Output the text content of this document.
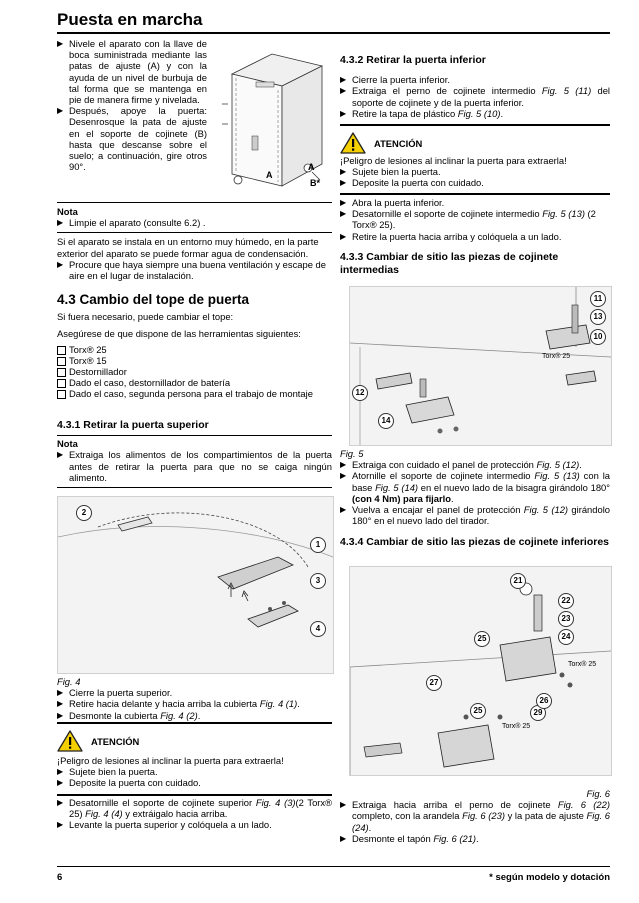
Puesta en marcha

▶ Nivele el aparato con la llave de boca suministrada mediante las patas de ajuste (A) y con la ayuda de un nivel de burbuja de tal forma que se mantenga en pie de manera firme y nivelada.

▶ Después, apoye la puerta: Desenrosque la pata de ajuste en el soporte de cojinete (B) hasta que descanse sobre el suelo; a continuación, gire otros 90°.

A
A
B*

Nota

▶ Limpie el aparato (consulte 6.2) .

Si el aparato se instala en un entorno muy húmedo, en la parte exterior del aparato se puede formar agua de condensación.

▶ Procure que haya siempre una buena ventilación y escape de aire en el lugar de instalación.

4.3 Cambio del tope de puerta

Si fuera necesario, puede cambiar el tope:

Asegúrese de que dispone de las herramientas siguientes:

Torx® 25

Torx® 15

Destornillador

Dado el caso, destornillador de batería

Dado el caso, segunda persona para el trabajo de montaje

4.3.1 Retirar la puerta superior

Nota

▶ Extraiga los alimentos de los compartimientos de la puerta antes de retirar la puerta para que no se caiga ningún alimento.

1
2
3
4

Fig. 4

▶ Cierre la puerta superior.

▶ Retire hacia delante y hacia arriba la cubierta Fig. 4 (1).

▶ Desmonte la cubierta Fig. 4 (2).

ATENCIÓN

¡Peligro de lesiones al inclinar la puerta para extraerla!

▶ Sujete bien la puerta.

▶ Deposite la puerta con cuidado.

▶ Desatornille el soporte de cojinete superior Fig. 4 (3)(2 Torx® 25) Fig. 4 (4) y extráigalo hacia arriba.

▶ Levante la puerta superior y colóquela a un lado.

4.3.2 Retirar la puerta inferior

▶ Cierre la puerta inferior.

▶ Extraiga el perno de cojinete intermedio Fig. 5 (11) del soporte de cojinete y de la puerta inferior.

▶ Retire la tapa de plástico Fig. 5 (10).

ATENCIÓN

¡Peligro de lesiones al inclinar la puerta para extraerla!

▶ Sujete bien la puerta.

▶ Deposite la puerta con cuidado.

▶ Abra la puerta inferior.

▶ Desatornille el soporte de cojinete intermedio Fig. 5 (13) (2 Torx® 25).

▶ Retire la puerta hacia arriba y colóquela a un lado.

4.3.3 Cambiar de sitio las piezas de cojinete intermedias

11
13
10
12
14
Torx® 25

Fig. 5

▶ Extraiga con cuidado el panel de protección Fig. 5 (12).

▶ Atornille el soporte de cojinete intermedio Fig. 5 (13) con la base Fig. 5 (14) en el nuevo lado de la bisagra girándolo 180° (con 4 Nm) para fijarlo.

▶ Vuelva a encajar el panel de protección Fig. 5 (12) girándolo 180° en el nuevo lado del tirador.

4.3.4 Cambiar de sitio las piezas de cojinete inferiores

21
22
23
24
25
25
27
29
26
Torx® 25
Torx® 25

Fig. 6

▶ Extraiga hacia arriba el perno de cojinete Fig. 6 (22) completo, con la arandela Fig. 6 (23) y la pata de ajuste Fig. 6 (24).

▶ Desmonte el tapón Fig. 6 (21).

6	* según modelo y dotación
